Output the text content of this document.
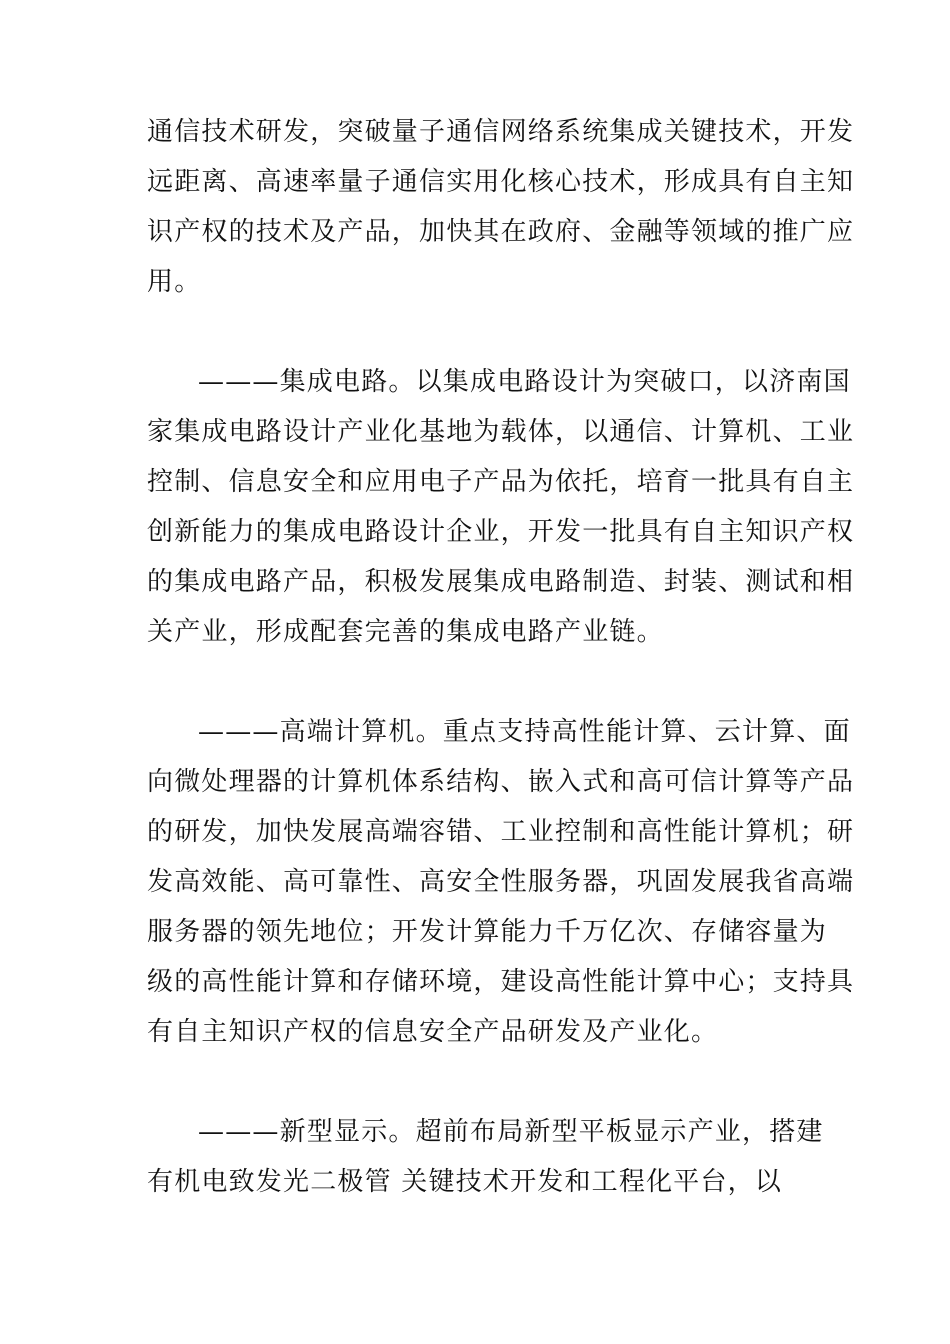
通信技术研发，突破量子通信网络系统集成关键技术，开发
远距离、高速率量子通信实用化核心技术，形成具有自主知
识产权的技术及产品，加快其在政府、金融等领域的推广应
用。
———集成电路。以集成电路设计为突破口，以济南国
家集成电路设计产业化基地为载体，以通信、计算机、工业
控制、信息安全和应用电子产品为依托，培育一批具有自主
创新能力的集成电路设计企业，开发一批具有自主知识产权
的集成电路产品，积极发展集成电路制造、封装、测试和相
关产业，形成配套完善的集成电路产业链。
———高端计算机。重点支持高性能计算、云计算、面
向微处理器的计算机体系结构、嵌入式和高可信计算等产品
的研发，加快发展高端容错、工业控制和高性能计算机；研
发高效能、高可靠性、高安全性服务器，巩固发展我省高端
服务器的领先地位；开发计算能力千万亿次、存储容量为
级的高性能计算和存储环境，建设高性能计算中心；支持具
有自主知识产权的信息安全产品研发及产业化。
———新型显示。超前布局新型平板显示产业，搭建
有机电致发光二极管 关键技术开发和工程化平台，以
